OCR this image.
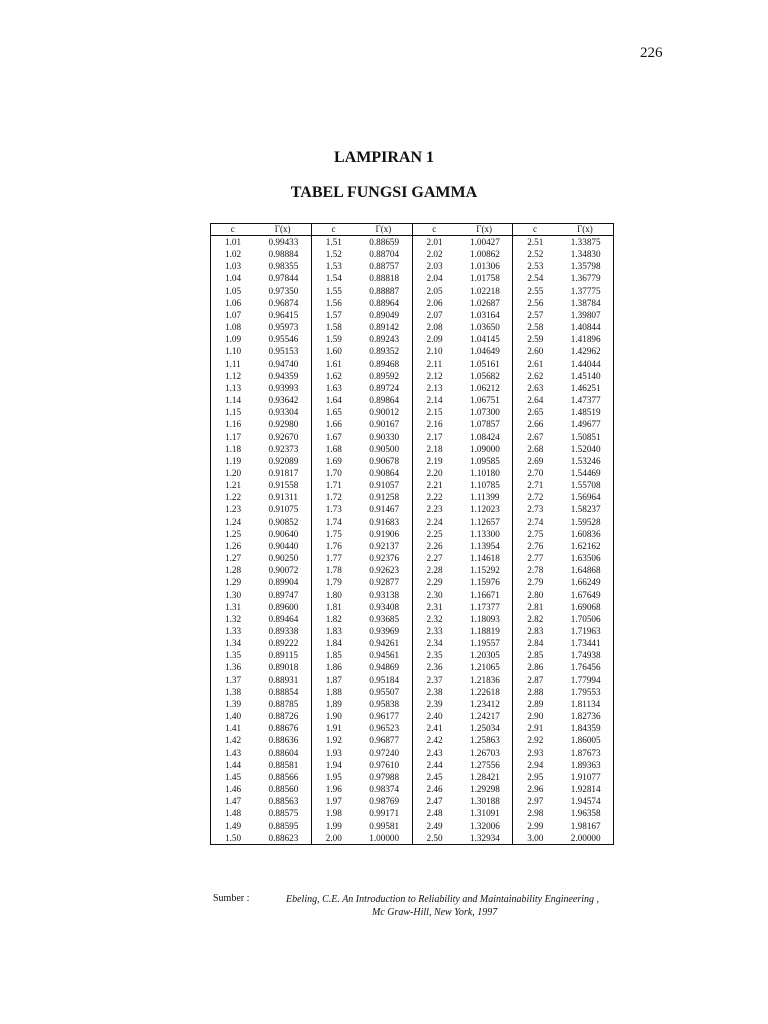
226
LAMPIRAN 1
TABEL FUNGSI GAMMA
c	Γ(x)	c	Γ(x)	c	Γ(x)	c	Γ(x)
1.01	0.99433	1.51	0.88659	2.01	1.00427	2.51	1.33875
1.02	0.98884	1.52	0.88704	2.02	1.00862	2.52	1.34830
1.03	0.98355	1.53	0.88757	2.03	1.01306	2.53	1.35798
1.04	0.97844	1.54	0.88818	2.04	1.01758	2.54	1.36779
1.05	0.97350	1.55	0.88887	2.05	1.02218	2.55	1.37775
1.06	0.96874	1.56	0.88964	2.06	1.02687	2.56	1.38784
1.07	0.96415	1.57	0.89049	2.07	1.03164	2.57	1.39807
1.08	0.95973	1.58	0.89142	2.08	1.03650	2.58	1.40844
1.09	0.95546	1.59	0.89243	2.09	1.04145	2.59	1.41896
1.10	0.95153	1.60	0.89352	2.10	1.04649	2.60	1.42962
1.11	0.94740	1.61	0.89468	2.11	1.05161	2.61	1.44044
1.12	0.94359	1.62	0.89592	2.12	1.05682	2.62	1.45140
1.13	0.93993	1.63	0.89724	2.13	1.06212	2.63	1.46251
1.14	0.93642	1.64	0.89864	2.14	1.06751	2.64	1.47377
1.15	0.93304	1.65	0.90012	2.15	1.07300	2.65	1.48519
1.16	0.92980	1.66	0.90167	2.16	1.07857	2.66	1.49677
1.17	0.92670	1.67	0.90330	2.17	1.08424	2.67	1.50851
1.18	0.92373	1.68	0.90500	2.18	1.09000	2.68	1.52040
1.19	0.92089	1.69	0.90678	2.19	1.09585	2.69	1.53246
1.20	0.91817	1.70	0.90864	2.20	1.10180	2.70	1.54469
1.21	0.91558	1.71	0.91057	2.21	1.10785	2.71	1.55708
1.22	0.91311	1.72	0.91258	2.22	1.11399	2.72	1.56964
1.23	0.91075	1.73	0.91467	2.23	1.12023	2.73	1.58237
1.24	0.90852	1.74	0.91683	2.24	1.12657	2.74	1.59528
1.25	0.90640	1.75	0.91906	2.25	1.13300	2.75	1.60836
1.26	0.90440	1.76	0.92137	2.26	1.13954	2.76	1.62162
1.27	0.90250	1.77	0.92376	2.27	1.14618	2.77	1.63506
1.28	0.90072	1.78	0.92623	2.28	1.15292	2.78	1.64868
1.29	0.89904	1.79	0.92877	2.29	1.15976	2.79	1.66249
1.30	0.89747	1.80	0.93138	2.30	1.16671	2.80	1.67649
1.31	0.89600	1.81	0.93408	2.31	1.17377	2.81	1.69068
1.32	0.89464	1.82	0.93685	2.32	1.18093	2.82	1.70506
1.33	0.89338	1.83	0.93969	2.33	1.18819	2.83	1.71963
1.34	0.89222	1.84	0.94261	2.34	1.19557	2.84	1.73441
1.35	0.89115	1.85	0.94561	2.35	1.20305	2.85	1.74938
1.36	0.89018	1.86	0.94869	2.36	1.21065	2.86	1.76456
1.37	0.88931	1.87	0.95184	2.37	1.21836	2.87	1.77994
1.38	0.88854	1.88	0.95507	2.38	1.22618	2.88	1.79553
1.39	0.88785	1.89	0.95838	2.39	1.23412	2.89	1.81134
1.40	0.88726	1.90	0.96177	2.40	1.24217	2.90	1.82736
1.41	0.88676	1.91	0.96523	2.41	1.25034	2.91	1.84359
1.42	0.88636	1.92	0.96877	2.42	1.25863	2.92	1.86005
1.43	0.88604	1.93	0.97240	2.43	1.26703	2.93	1.87673
1.44	0.88581	1.94	0.97610	2.44	1.27556	2.94	1.89363
1.45	0.88566	1.95	0.97988	2.45	1.28421	2.95	1.91077
1.46	0.88560	1.96	0.98374	2.46	1.29298	2.96	1.92814
1.47	0.88563	1.97	0.98769	2.47	1.30188	2.97	1.94574
1.48	0.88575	1.98	0.99171	2.48	1.31091	2.98	1.96358
1.49	0.88595	1.99	0.99581	2.49	1.32006	2.99	1.98167
1.50	0.88623	2.00	1.00000	2.50	1.32934	3.00	2.00000
Sumber :	Ebeling, C.E. An Introduction to Reliability and Maintainability Engineering ,
Mc Graw-Hill, New York, 1997
